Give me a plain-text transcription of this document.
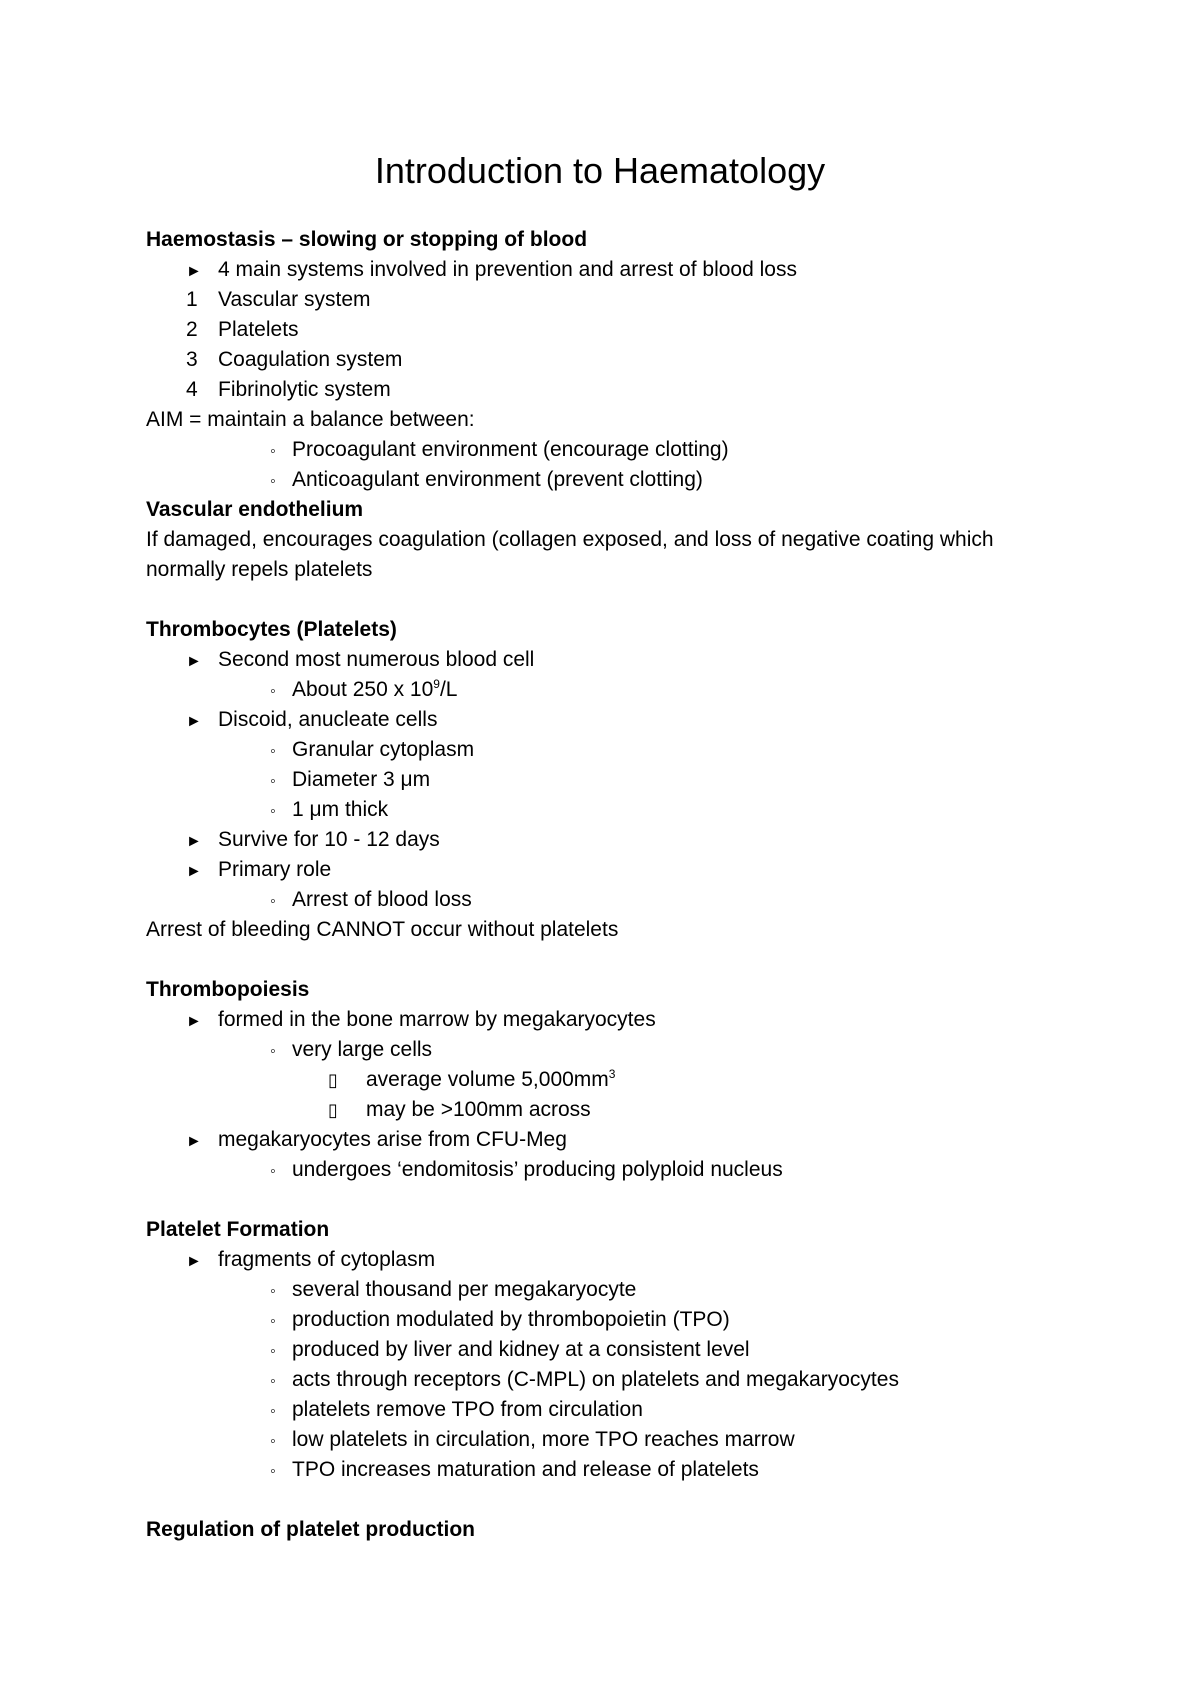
Introduction to Haematology
Haemostasis – slowing or stopping of blood
► 4 main systems involved in prevention and arrest of blood loss
1 Vascular system
2 Platelets
3 Coagulation system
4 Fibrinolytic system
AIM = maintain a balance between:
◦ Procoagulant environment (encourage clotting)
◦ Anticoagulant environment (prevent clotting)
Vascular endothelium
If damaged, encourages coagulation (collagen exposed, and loss of negative coating which
normally repels platelets
Thrombocytes (Platelets)
► Second most numerous blood cell
◦ About 250 x $10^9/L$
► Discoid, anucleate cells
◦ Granular cytoplasm
◦ Diameter 3 μm
◦ 1 μm thick
► Survive for 10 - 12 days
► Primary role
◦ Arrest of blood loss
Arrest of bleeding CANNOT occur without platelets
Thrombopoiesis
► formed in the bone marrow by megakaryocytes
◦ very large cells
▯ average volume $5,000mm^3$
▯ may be >100mm across
► megakaryocytes arise from CFU-Meg
◦ undergoes ‘endomitosis’ producing polyploid nucleus
Platelet Formation
► fragments of cytoplasm
◦ several thousand per megakaryocyte
◦ production modulated by thrombopoietin (TPO)
◦ produced by liver and kidney at a consistent level
◦ acts through receptors (C-MPL) on platelets and megakaryocytes
◦ platelets remove TPO from circulation
◦ low platelets in circulation, more TPO reaches marrow
◦ TPO increases maturation and release of platelets
Regulation of platelet production
